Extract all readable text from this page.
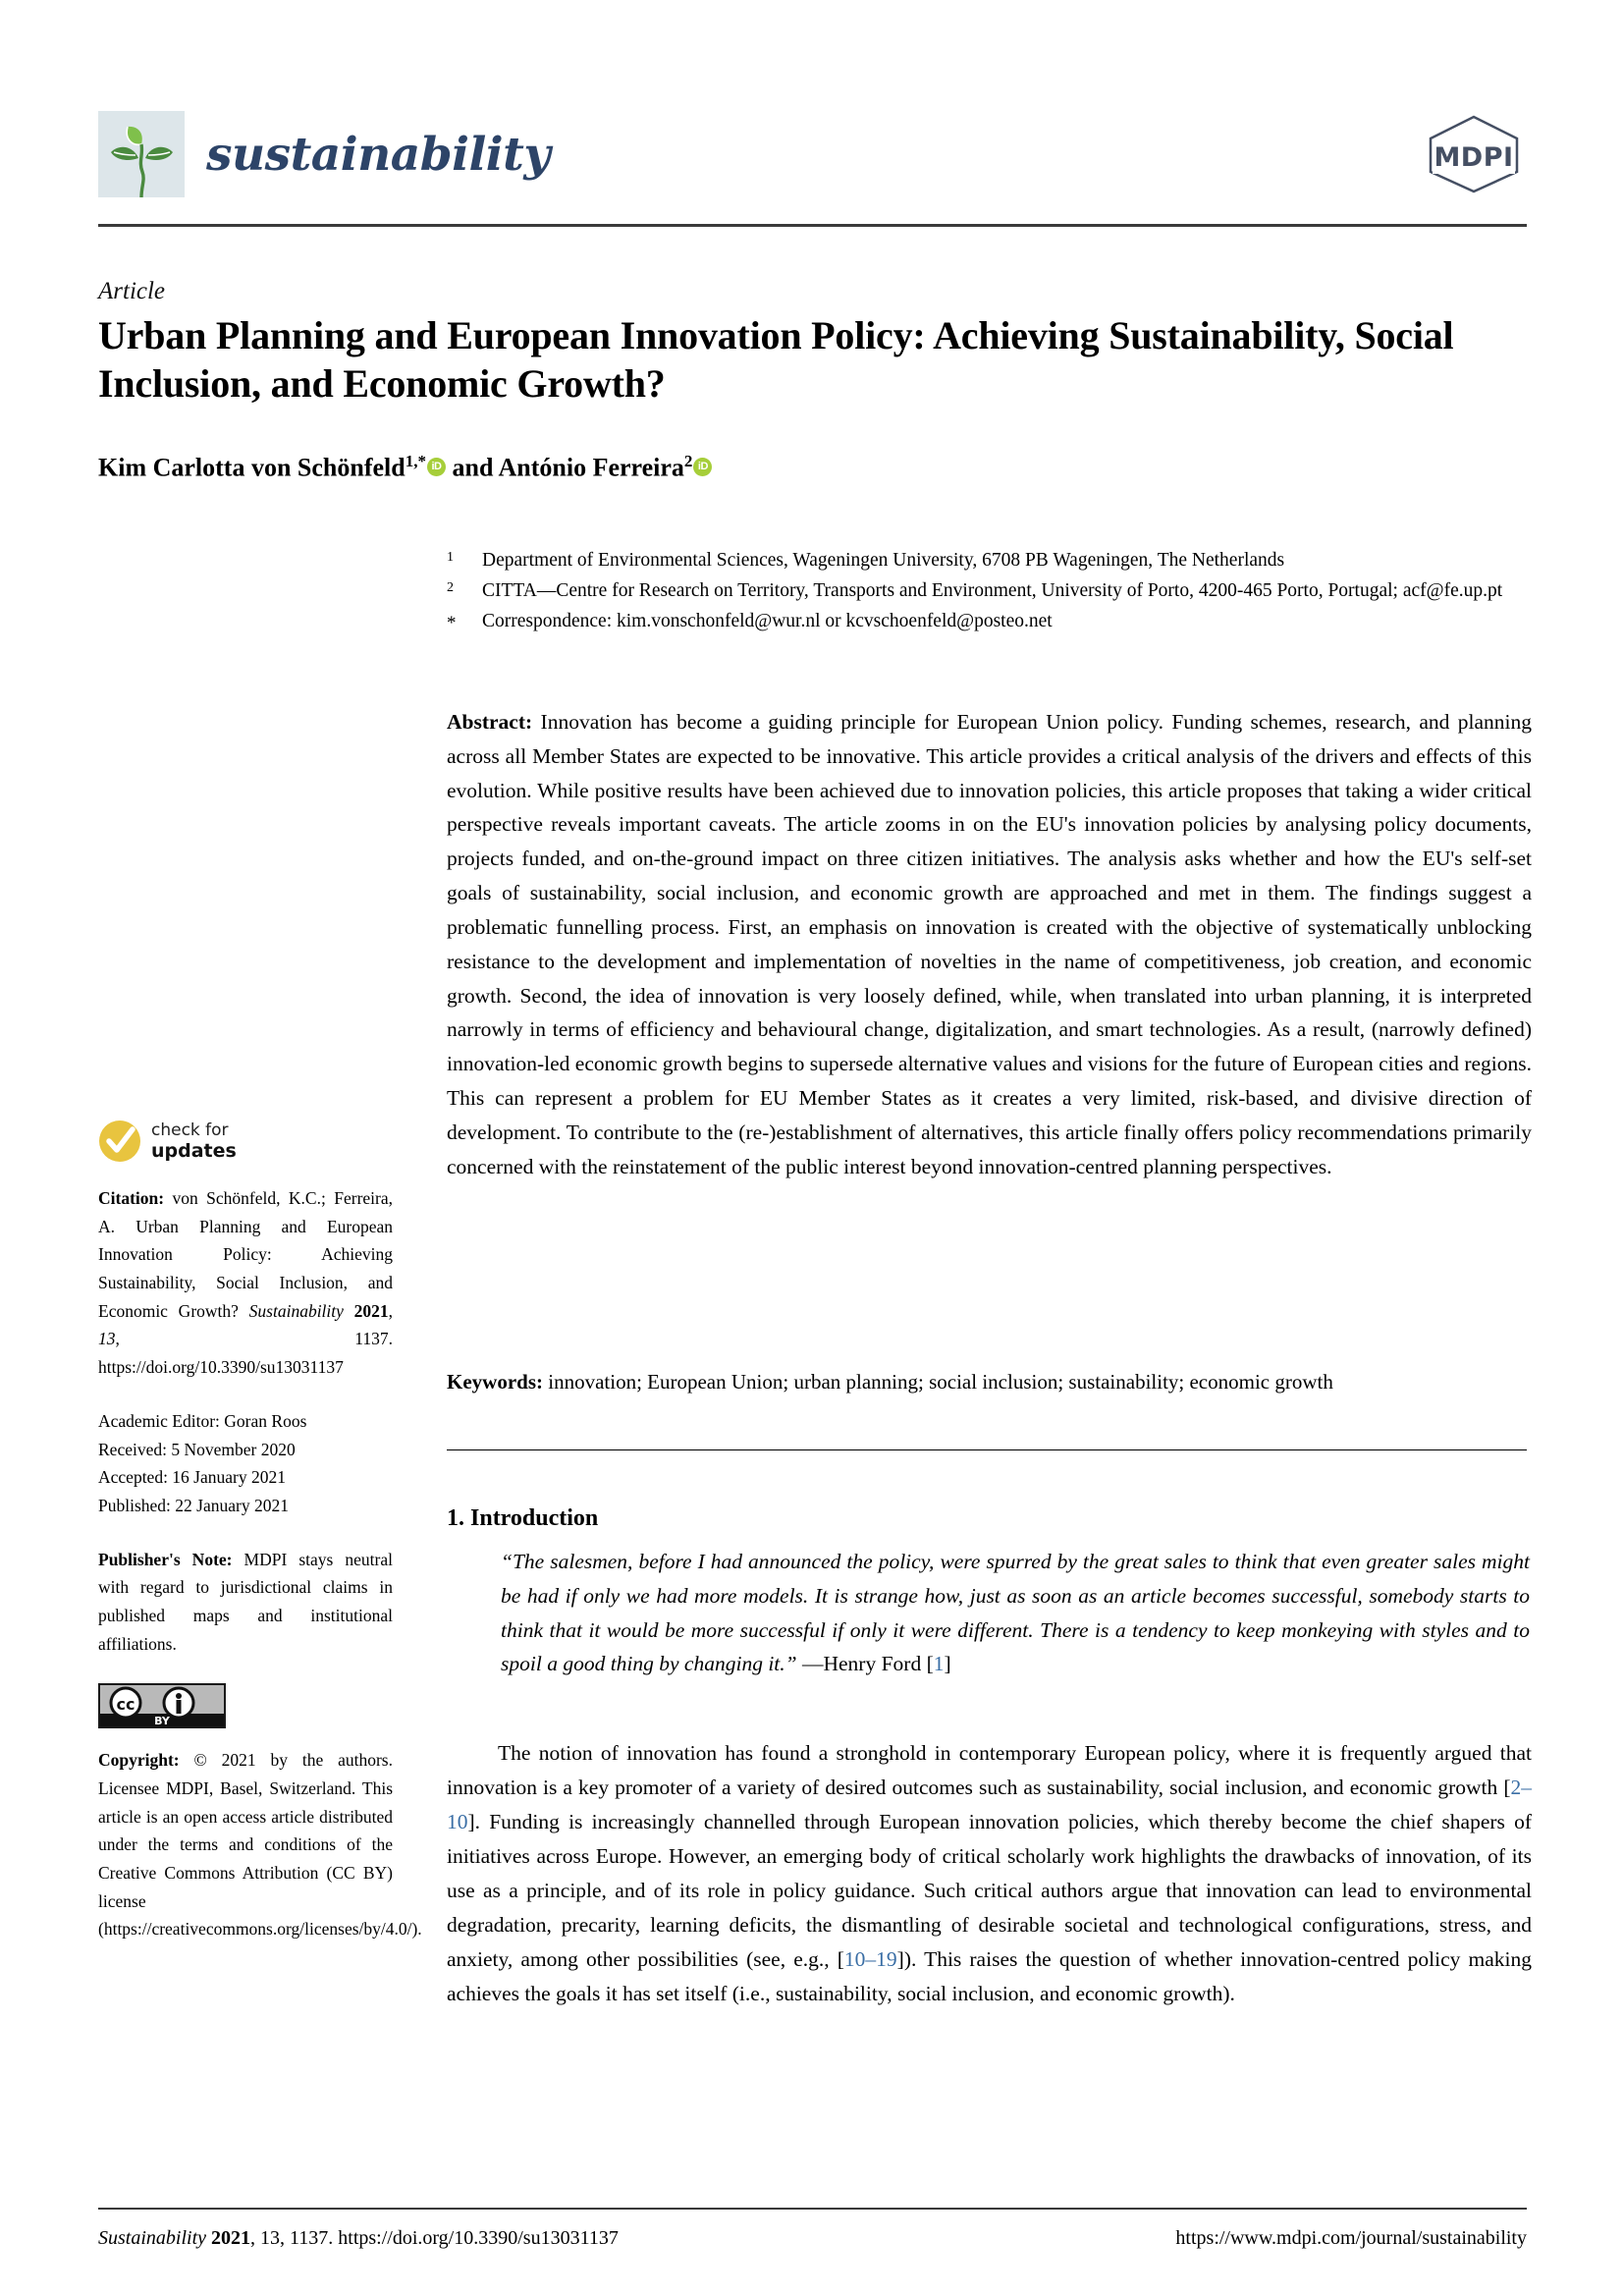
sustainability	MDPI
Article
Urban Planning and European Innovation Policy: Achieving Sustainability, Social Inclusion, and Economic Growth?
Kim Carlotta von Schönfeld$^{1,*}$ iD and António Ferreira$^2$ iD
1	Department of Environmental Sciences, Wageningen University, 6708 PB Wageningen, The Netherlands
2	CITTA—Centre for Research on Territory, Transports and Environment, University of Porto, 4200-465 Porto, Portugal; acf@fe.up.pt
*	Correspondence: kim.vonschonfeld@wur.nl or kcvschoenfeld@posteo.net
Abstract: Innovation has become a guiding principle for European Union policy. Funding schemes, research, and planning across all Member States are expected to be innovative. This article provides a critical analysis of the drivers and effects of this evolution. While positive results have been achieved due to innovation policies, this article proposes that taking a wider critical perspective reveals important caveats. The article zooms in on the EU's innovation policies by analysing policy documents, projects funded, and on-the-ground impact on three citizen initiatives. The analysis asks whether and how the EU's self-set goals of sustainability, social inclusion, and economic growth are approached and met in them. The findings suggest a problematic funnelling process. First, an emphasis on innovation is created with the objective of systematically unblocking resistance to the development and implementation of novelties in the name of competitiveness, job creation, and economic growth. Second, the idea of innovation is very loosely defined, while, when translated into urban planning, it is interpreted narrowly in terms of efficiency and behavioural change, digitalization, and smart technologies. As a result, (narrowly defined) innovation-led economic growth begins to supersede alternative values and visions for the future of European cities and regions. This can represent a problem for EU Member States as it creates a very limited, risk-based, and divisive direction of development. To contribute to the (re-)establishment of alternatives, this article finally offers policy recommendations primarily concerned with the reinstatement of the public interest beyond innovation-centred planning perspectives.
Keywords: innovation; European Union; urban planning; social inclusion; sustainability; economic growth
1. Introduction
“The salesmen, before I had announced the policy, were spurred by the great sales to think that even greater sales might be had if only we had more models. It is strange how, just as soon as an article becomes successful, somebody starts to think that it would be more successful if only it were different. There is a tendency to keep monkeying with styles and to spoil a good thing by changing it.” —Henry Ford [1]
The notion of innovation has found a stronghold in contemporary European policy, where it is frequently argued that innovation is a key promoter of a variety of desired outcomes such as sustainability, social inclusion, and economic growth [2–10]. Funding is increasingly channelled through European innovation policies, which thereby become the chief shapers of initiatives across Europe. However, an emerging body of critical scholarly work highlights the drawbacks of innovation, of its use as a principle, and of its role in policy guidance. Such critical authors argue that innovation can lead to environmental degradation, precarity, learning deficits, the dismantling of desirable societal and technological configurations, stress, and anxiety, among other possibilities (see, e.g., [10–19]). This raises the question of whether innovation-centred policy making achieves the goals it has set itself (i.e., sustainability, social inclusion, and economic growth).
check for
updates
Citation: von Schönfeld, K.C.; Ferreira, A. Urban Planning and European Innovation Policy: Achieving Sustainability, Social Inclusion, and Economic Growth? Sustainability 2021, 13, 1137. https://doi.org/10.3390/su13031137
Academic Editor: Goran Roos
Received: 5 November 2020
Accepted: 16 January 2021
Published: 22 January 2021
Publisher's Note: MDPI stays neutral with regard to jurisdictional claims in published maps and institutional affiliations.
cc
BY
Copyright: © 2021 by the authors. Licensee MDPI, Basel, Switzerland. This article is an open access article distributed under the terms and conditions of the Creative Commons Attribution (CC BY) license (https://creativecommons.org/licenses/by/4.0/).
Sustainability 2021, 13, 1137. https://doi.org/10.3390/su13031137	https://www.mdpi.com/journal/sustainability
